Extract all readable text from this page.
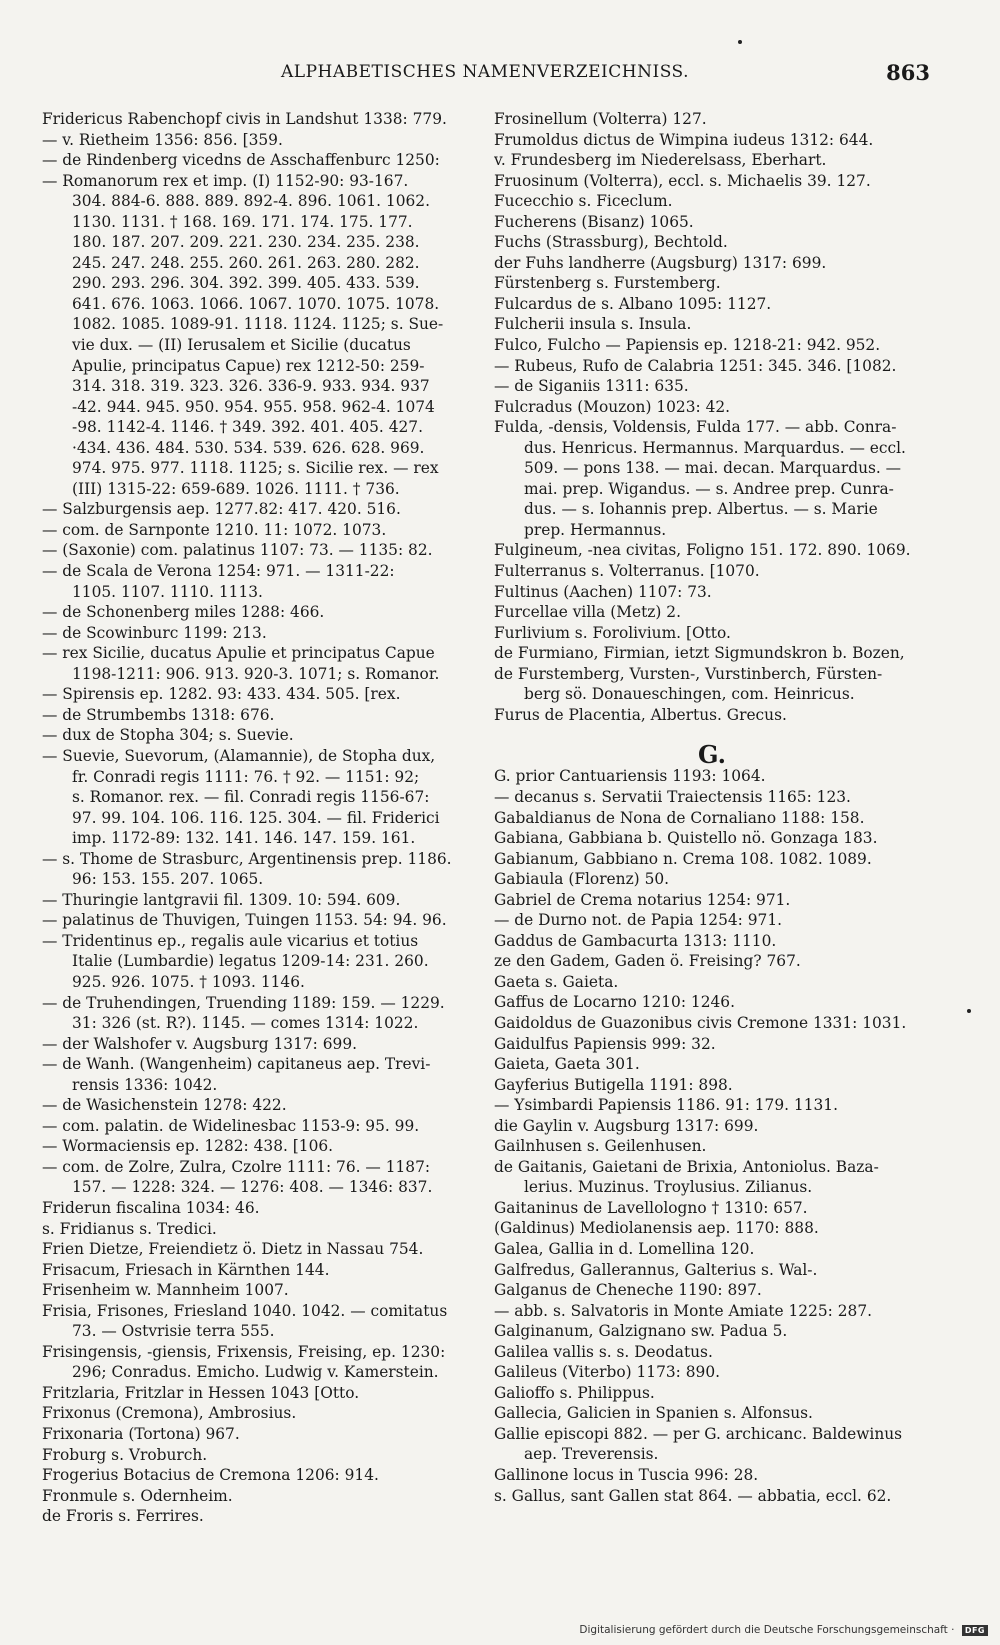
ALPHABETISCHES NAMENVERZEICHNISS.	863
Fridericus Rabenchopf civis in Landshut 1338: 779.
— v. Rietheim 1356: 856. [359.
— de Rindenberg vicedns de Asschaffenburc 1250:
— Romanorum rex et imp. (I) 1152-90: 93-167.
304. 884-6. 888. 889. 892-4. 896. 1061. 1062.
1130. 1131. † 168. 169. 171. 174. 175. 177.
180. 187. 207. 209. 221. 230. 234. 235. 238.
245. 247. 248. 255. 260. 261. 263. 280. 282.
290. 293. 296. 304. 392. 399. 405. 433. 539.
641. 676. 1063. 1066. 1067. 1070. 1075. 1078.
1082. 1085. 1089-91. 1118. 1124. 1125; s. Sue-
vie dux. — (II) Ierusalem et Sicilie (ducatus
Apulie, principatus Capue) rex 1212-50: 259-
314. 318. 319. 323. 326. 336-9. 933. 934. 937
-42. 944. 945. 950. 954. 955. 958. 962-4. 1074
-98. 1142-4. 1146. † 349. 392. 401. 405. 427.
·434. 436. 484. 530. 534. 539. 626. 628. 969.
974. 975. 977. 1118. 1125; s. Sicilie rex. — rex
(III) 1315-22: 659-689. 1026. 1111. † 736.
— Salzburgensis aep. 1277.82: 417. 420. 516.
— com. de Sarnponte 1210. 11: 1072. 1073.
— (Saxonie) com. palatinus 1107: 73. — 1135: 82.
— de Scala de Verona 1254: 971. — 1311-22:
1105. 1107. 1110. 1113.
— de Schonenberg miles 1288: 466.
— de Scowinburc 1199: 213.
— rex Sicilie, ducatus Apulie et principatus Capue
1198-1211: 906. 913. 920-3. 1071; s. Romanor.
— Spirensis ep. 1282. 93: 433. 434. 505. [rex.
— de Strumbembs 1318: 676.
— dux de Stopha 304; s. Suevie.
— Suevie, Suevorum, (Alamannie), de Stopha dux,
fr. Conradi regis 1111: 76. † 92. — 1151: 92;
s. Romanor. rex. — fil. Conradi regis 1156-67:
97. 99. 104. 106. 116. 125. 304. — fil. Friderici
imp. 1172-89: 132. 141. 146. 147. 159. 161.
— s. Thome de Strasburc, Argentinensis prep. 1186.
96: 153. 155. 207. 1065.
— Thuringie lantgravii fil. 1309. 10: 594. 609.
— palatinus de Thuvigen, Tuingen 1153. 54: 94. 96.
— Tridentinus ep., regalis aule vicarius et totius
Italie (Lumbardie) legatus 1209-14: 231. 260.
925. 926. 1075. † 1093. 1146.
— de Truhendingen, Truending 1189: 159. — 1229.
31: 326 (st. R?). 1145. — comes 1314: 1022.
— der Walshofer v. Augsburg 1317: 699.
— de Wanh. (Wangenheim) capitaneus aep. Trevi-
rensis 1336: 1042.
— de Wasichenstein 1278: 422.
— com. palatin. de Widelinesbac 1153-9: 95. 99.
— Wormaciensis ep. 1282: 438. [106.
— com. de Zolre, Zulra, Czolre 1111: 76. — 1187:
157. — 1228: 324. — 1276: 408. — 1346: 837.
Friderun fiscalina 1034: 46.
s. Fridianus s. Tredici.
Frien Dietze, Freiendietz ö. Dietz in Nassau 754.
Frisacum, Friesach in Kärnthen 144.
Frisenheim w. Mannheim 1007.
Frisia, Frisones, Friesland 1040. 1042. — comitatus
73. — Ostvrisie terra 555.
Frisingensis, -giensis, Frixensis, Freising, ep. 1230:
296; Conradus. Emicho. Ludwig v. Kamerstein.
Fritzlaria, Fritzlar in Hessen 1043 [Otto.
Frixonus (Cremona), Ambrosius.
Frixonaria (Tortona) 967.
Froburg s. Vroburch.
Frogerius Botacius de Cremona 1206: 914.
Fronmule s. Odernheim.
de Froris s. Ferrires.
Frosinellum (Volterra) 127.
Frumoldus dictus de Wimpina iudeus 1312: 644.
v. Frundesberg im Niederelsass, Eberhart.
Fruosinum (Volterra), eccl. s. Michaelis 39. 127.
Fucecchio s. Ficeclum.
Fucherens (Bisanz) 1065.
Fuchs (Strassburg), Bechtold.
der Fuhs landherre (Augsburg) 1317: 699.
Fürstenberg s. Furstemberg.
Fulcardus de s. Albano 1095: 1127.
Fulcherii insula s. Insula.
Fulco, Fulcho — Papiensis ep. 1218-21: 942. 952.
— Rubeus, Rufo de Calabria 1251: 345. 346. [1082.
— de Siganiis 1311: 635.
Fulcradus (Mouzon) 1023: 42.
Fulda, -densis, Voldensis, Fulda 177. — abb. Conra-
dus. Henricus. Hermannus. Marquardus. — eccl.
509. — pons 138. — mai. decan. Marquardus. —
mai. prep. Wigandus. — s. Andree prep. Cunra-
dus. — s. Iohannis prep. Albertus. — s. Marie
prep. Hermannus.
Fulgineum, -nea civitas, Foligno 151. 172. 890. 1069.
Fulterranus s. Volterranus. [1070.
Fultinus (Aachen) 1107: 73.
Furcellae villa (Metz) 2.
Furlivium s. Forolivium. [Otto.
de Furmiano, Firmian, ietzt Sigmundskron b. Bozen,
de Furstemberg, Vursten-, Vurstinberch, Fürsten-
berg sö. Donaueschingen, com. Heinricus.
Furus de Placentia, Albertus. Grecus.
G.
G. prior Cantuariensis 1193: 1064.
— decanus s. Servatii Traiectensis 1165: 123.
Gabaldianus de Nona de Cornaliano 1188: 158.
Gabiana, Gabbiana b. Quistello nö. Gonzaga 183.
Gabianum, Gabbiano n. Crema 108. 1082. 1089.
Gabiaula (Florenz) 50.
Gabriel de Crema notarius 1254: 971.
— de Durno not. de Papia 1254: 971.
Gaddus de Gambacurta 1313: 1110.
ze den Gadem, Gaden ö. Freising? 767.
Gaeta s. Gaieta.
Gaffus de Locarno 1210: 1246.
Gaidoldus de Guazonibus civis Cremone 1331: 1031.
Gaidulfus Papiensis 999: 32.
Gaieta, Gaeta 301.
Gayferius Butigella 1191: 898.
— Ysimbardi Papiensis 1186. 91: 179. 1131.
die Gaylin v. Augsburg 1317: 699.
Gailnhusen s. Geilenhusen.
de Gaitanis, Gaietani de Brixia, Antoniolus. Baza-
lerius. Muzinus. Troylusius. Zilianus.
Gaitaninus de Lavellologno † 1310: 657.
(Galdinus) Mediolanensis aep. 1170: 888.
Galea, Gallia in d. Lomellina 120.
Galfredus, Gallerannus, Galterius s. Wal-.
Galganus de Cheneche 1190: 897.
— abb. s. Salvatoris in Monte Amiate 1225: 287.
Galginanum, Galzignano sw. Padua 5.
Galilea vallis s. s. Deodatus.
Galileus (Viterbo) 1173: 890.
Galioffo s. Philippus.
Gallecia, Galicien in Spanien s. Alfonsus.
Gallie episcopi 882. — per G. archicanc. Baldewinus
aep. Treverensis.
Gallinone locus in Tuscia 996: 28.
s. Gallus, sant Gallen stat 864. — abbatia, eccl. 62.
Digitalisierung gefördert durch die Deutsche Forschungsgemeinschaft · DFG
